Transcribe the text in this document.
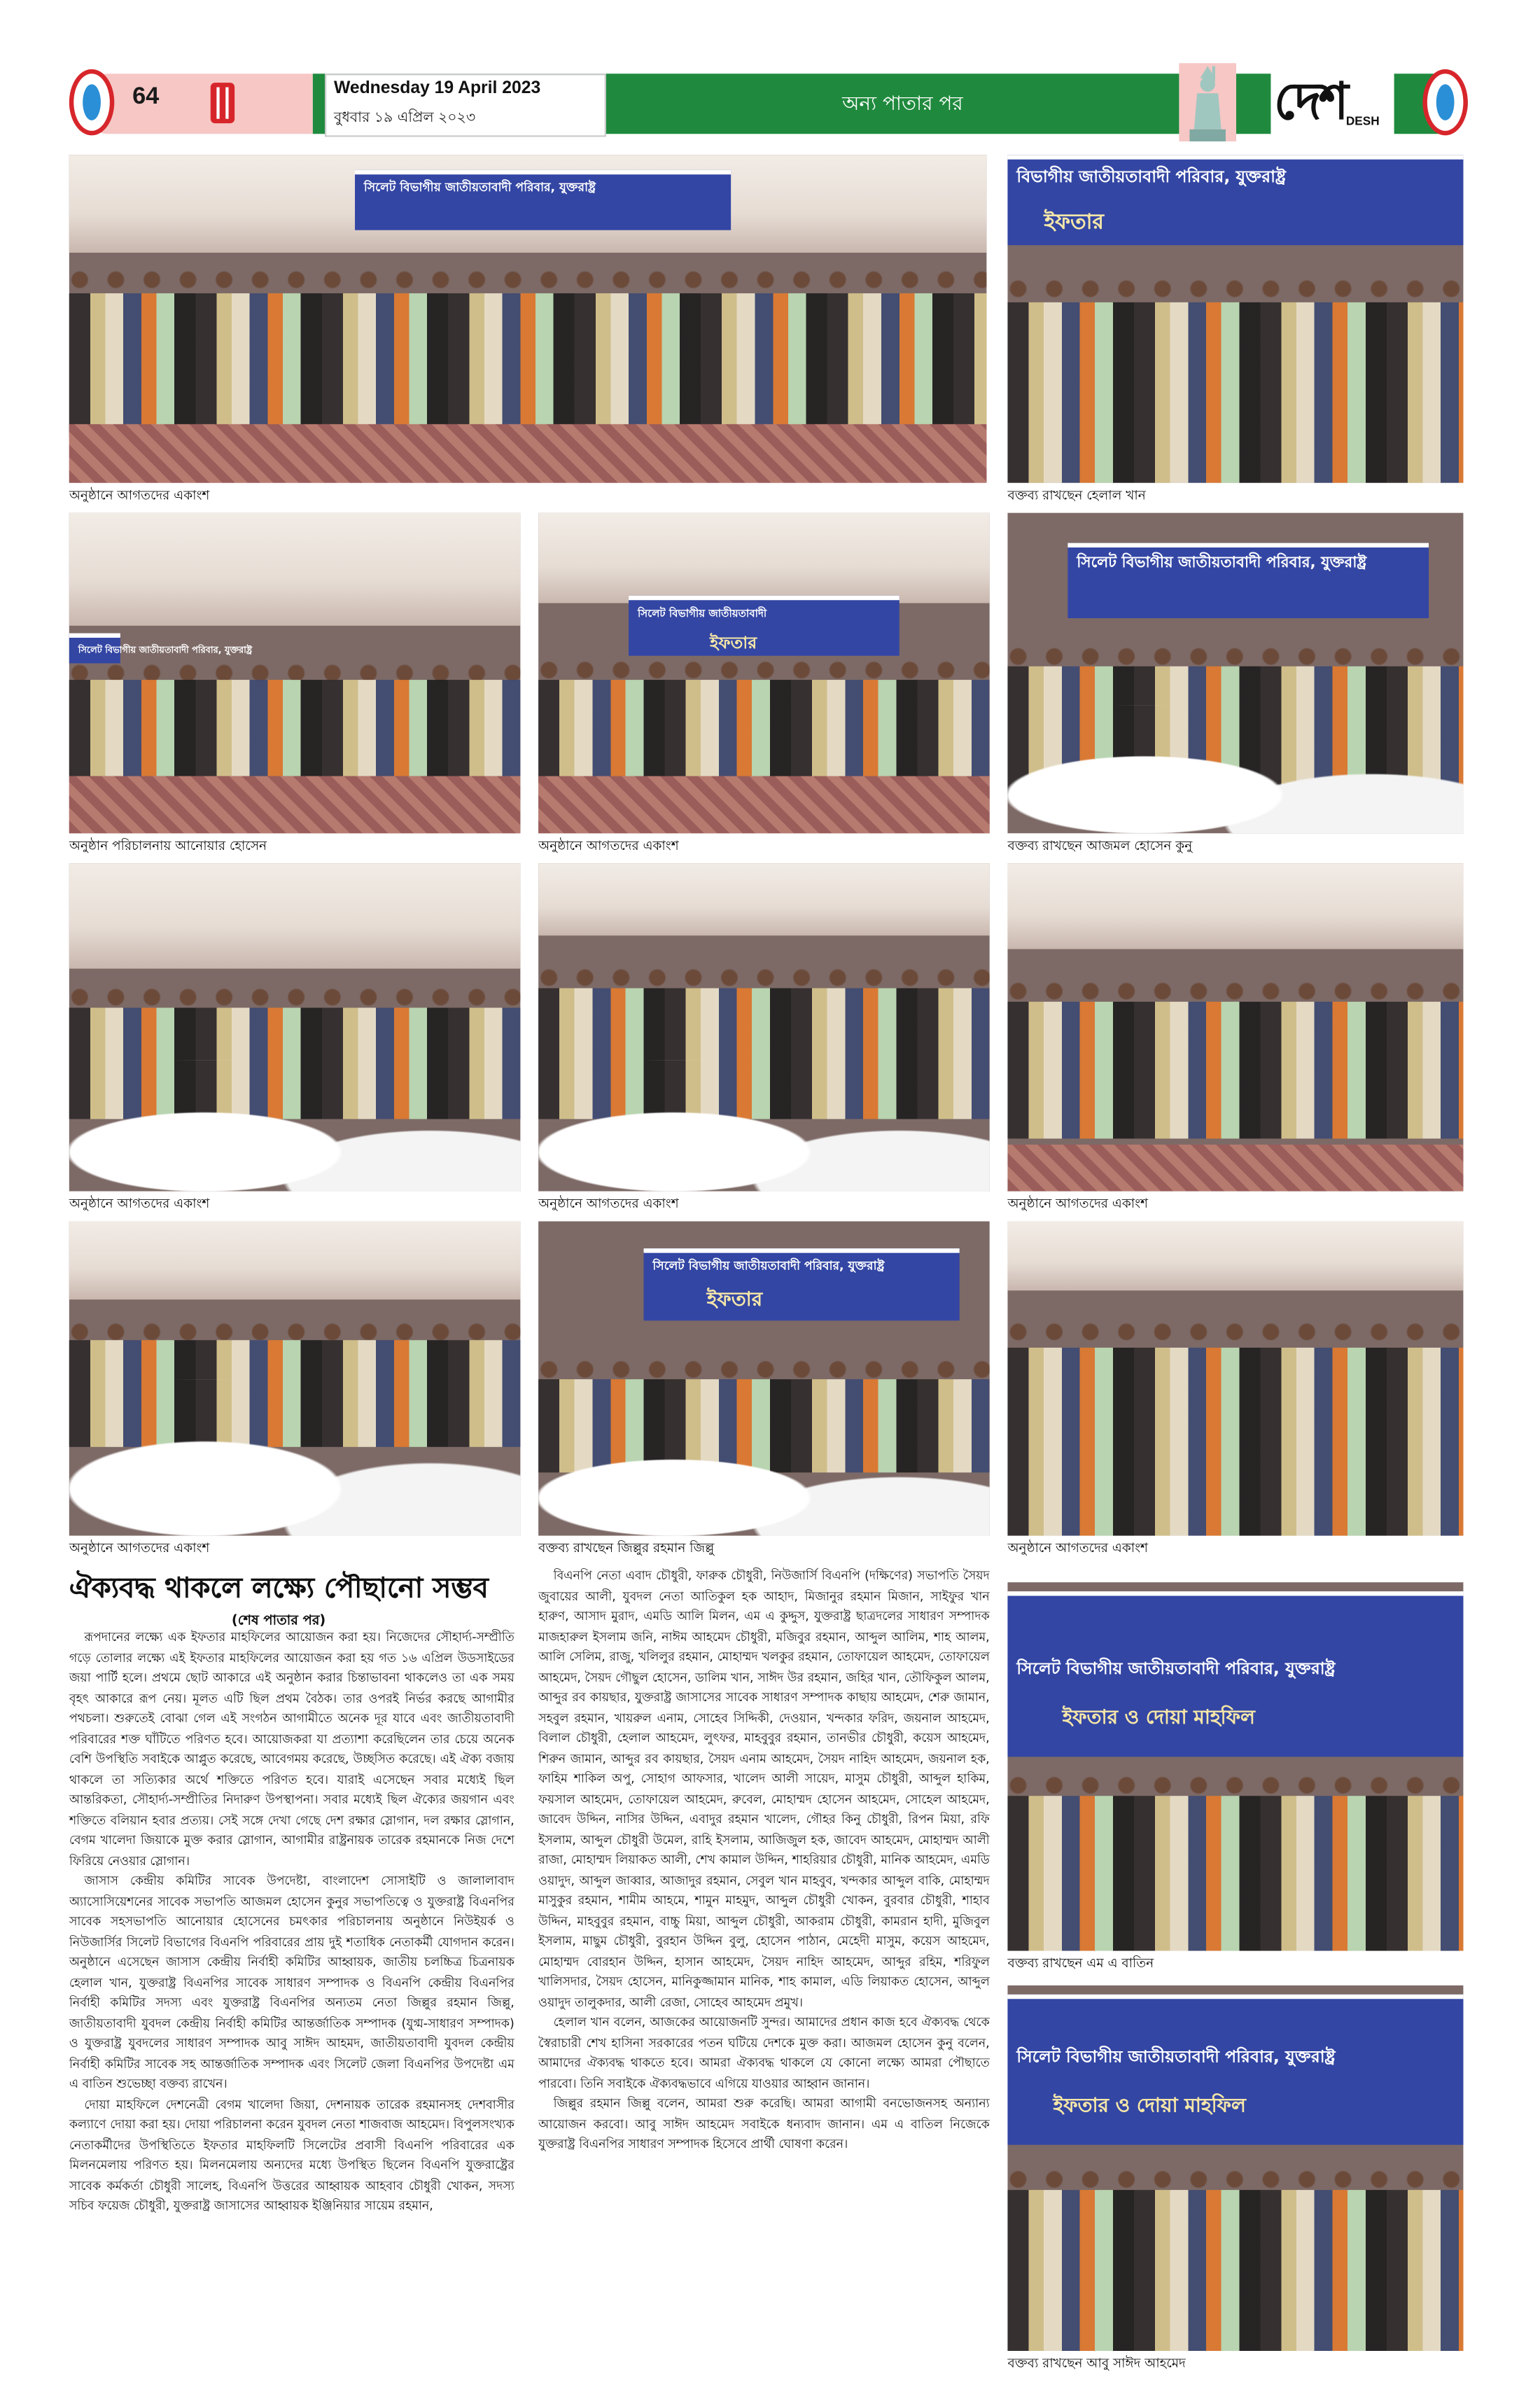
64	Wednesday 19 April 2023
বুধবার ১৯ এপ্রিল ২০২৩
অন্য পাতার পর	দেশ DESH
সিলেট বিভাগীয় জাতীয়তাবাদী পরিবার, যুক্তরাষ্ট্র
অনুষ্ঠানে আগতদের একাংশ
বিভাগীয় জাতীয়তাবাদী পরিবার, যুক্তরাষ্ট্র
ইফতার
বক্তব্য রাখছেন হেলাল খান
সিলেট বিভাগীয় জাতীয়তাবাদী পরিবার, যুক্তরাষ্ট্র
অনুষ্ঠান পরিচালনায় আনোয়ার হোসেন
সিলেট বিভাগীয় জাতীয়তাবাদী
ইফতার
অনুষ্ঠানে আগতদের একাংশ
সিলেট বিভাগীয় জাতীয়তাবাদী পরিবার, যুক্তরাষ্ট্র
বক্তব্য রাখছেন আজমল হোসেন কুনু
অনুষ্ঠানে আগতদের একাংশ	অনুষ্ঠানে আগতদের একাংশ	অনুষ্ঠানে আগতদের একাংশ
অনুষ্ঠানে আগতদের একাংশ
সিলেট বিভাগীয় জাতীয়তাবাদী পরিবার, যুক্তরাষ্ট্র
ইফতার
বক্তব্য রাখছেন জিল্লুর রহমান জিল্লু	অনুষ্ঠানে আগতদের একাংশ
ঐক্যবদ্ধ থাকলে লক্ষ্যে পৌছানো সম্ভব
(শেষ পাতার পর)

রূপদানের লক্ষ্যে এক ইফতার মাহফিলের আয়োজন করা হয়। নিজেদের সৌহার্দ্য-সম্প্রীতি গড়ে তোলার লক্ষ্যে এই ইফতার মাহফিলের আয়োজন করা হয় গত ১৬ এপ্রিল উডসাইডের জয়া পার্টি হলে। প্রথমে ছোট আকারে এই অনুষ্ঠান করার চিন্তাভাবনা থাকলেও তা এক সময় বৃহৎ আকারে রূপ নেয়। মূলত এটি ছিল প্রথম বৈঠক। তার ওপরই নির্ভর করছে আগামীর পথচলা। শুরুতেই বোঝা গেল এই সংগঠন আগামীতে অনেক দূর যাবে এবং জাতীয়তাবাদী পরিবারের শক্ত ঘাঁটিতে পরিণত হবে। আয়োজকরা যা প্রত্যাশা করেছিলেন তার চেয়ে অনেক বেশি উপস্থিতি সবাইকে আপ্লুত করেছে, আবেগময় করেছে, উচ্ছসিত করেছে। এই ঐক্য বজায় থাকলে তা সত্যিকার অর্থে শক্তিতে পরিণত হবে। যারাই এসেছেন সবার মধ্যেই ছিল আন্তরিকতা, সৌহার্দ্য-সম্প্রীতির নিদারুণ উপস্থাপনা। সবার মধ্যেই ছিল ঐক্যের জয়গান এবং শক্তিতে বলিয়ান হবার প্রত্যয়। সেই সঙ্গে দেখা গেছে দেশ রক্ষার স্লোগান, দল রক্ষার স্লোগান, বেগম খালেদা জিয়াকে মুক্ত করার স্লোগান, আগামীর রাষ্ট্রনায়ক তারেক রহমানকে নিজ দেশে ফিরিয়ে নেওয়ার স্লোগান।

জাসাস কেন্দ্রীয় কমিটির সাবেক উপদেষ্টা, বাংলাদেশ সোসাইটি ও জালালাবাদ অ্যাসোসিয়েশনের সাবেক সভাপতি আজমল হোসেন কুনুর সভাপতিত্বে ও যুক্তরাষ্ট্র বিএনপির সাবেক সহসভাপতি আনোয়ার হোসেনের চমৎকার পরিচালনায় অনুষ্ঠানে নিউইয়র্ক ও নিউজার্সির সিলেট বিভাগের বিএনপি পরিবারের প্রায় দুই শতাধিক নেতাকর্মী যোগদান করেন। অনুষ্ঠানে এসেছেন জাসাস কেন্দ্রীয় নির্বাহী কমিটির আহ্বায়ক, জাতীয় চলচ্চিত্র চিত্রনায়ক হেলাল খান, যুক্তরাষ্ট্র বিএনপির সাবেক সাধারণ সম্পাদক ও বিএনপি কেন্দ্রীয় বিএনপির নির্বাহী কমিটির সদস্য এবং যুক্তরাষ্ট্র বিএনপির অন্যতম নেতা জিল্লুর রহমান জিল্লু, জাতীয়তাবাদী যুবদল কেন্দ্রীয় নির্বাহী কমিটির আন্তর্জাতিক সম্পাদক (যুগ্ম-সাধারণ সম্পাদক) ও যুক্তরাষ্ট্র যুবদলের সাধারণ সম্পাদক আবু সাঈদ আহমদ, জাতীয়তাবাদী যুবদল কেন্দ্রীয় নির্বাহী কমিটির সাবেক সহ আন্তর্জাতিক সম্পাদক এবং সিলেট জেলা বিএনপির উপদেষ্টা এম এ বাতিন শুভেচ্ছা বক্তব্য রাখেন।

দোয়া মাহফিলে দেশনেত্রী বেগম খালেদা জিয়া, দেশনায়ক তারেক রহমানসহ দেশবাসীর কল্যাণে দোয়া করা হয়। দোয়া পরিচালনা করেন যুবদল নেতা শাজবাজ আহমেদ। বিপুলসংখ্যক নেতাকর্মীদের উপস্থিতিতে ইফতার মাহফিলটি সিলেটের প্রবাসী বিএনপি পরিবারের এক মিলনমেলায় পরিণত হয়। মিলনমেলায় অন্যদের মধ্যে উপস্থিত ছিলেন বিএনপি যুক্তরাষ্ট্রের সাবেক কর্মকর্তা চৌধুরী সালেহ, বিএনপি উত্তরের আহ্বায়ক আহবাব চৌধুরী খোকন, সদস্য সচিব ফয়েজ চৌধুরী, যুক্তরাষ্ট্র জাসাসের আহ্বায়ক ইঞ্জিনিয়ার সায়েম রহমান,

বিএনপি নেতা এবাদ চৌধুরী, ফারুক চৌধুরী, নিউজার্সি বিএনপি (দক্ষিণের) সভাপতি সৈয়দ জুবায়ের আলী, যুবদল নেতা আতিকুল হক আহাদ, মিজানুর রহমান মিজান, সাইফুর খান হারুণ, আসাদ মুরাদ, এমডি আলি মিলন, এম এ কুদ্দুস, যুক্তরাষ্ট্র ছাত্রদলের সাধারণ সম্পাদক মাজহারুল ইসলাম জনি, নাঈম আহমেদ চৌধুরী, মজিবুর রহমান, আব্দুল আলিম, শাহ আলম, আলি সেলিম, রাজু, খলিলুর রহমান, মোহাম্মদ খলকুর রহমান, তোফায়েল আহমেদ, তোফায়েল আহমেদ, সৈয়দ গৌছুল হোসেন, ডালিম খান, সাঈদ উর রহমান, জহির খান, তৌফিকুল আলম, আব্দুর রব কায়ছার, যুক্তরাষ্ট্র জাসাসের সাবেক সাধারণ সম্পাদক কাছায় আহমেদ, শেরু জামান, সহবুল রহমান, খায়রুল এনাম, সোহেব সিদ্দিকী, দেওয়ান, খন্দকার ফরিদ, জয়নাল আহমেদ, বিলাল চৌধুরী, হেলাল আহমেদ, লুৎফর, মাহবুবুর রহমান, তানভীর চৌধুরী, কয়েস আহমেদ, শিরুন জামান, আব্দুর রব কায়ছার, সৈয়দ এনাম আহমেদ, সৈয়দ নাহিদ আহমেদ, জয়নাল হক, ফাহিম শাকিল অপু, সোহাগ আফসার, খালেদ আলী সায়েদ, মাসুম চৌধুরী, আব্দুল হাকিম, ফয়সাল আহমেদ, তোফায়েল আহমেদ, রুবেল, মোহাম্মদ হোসেন আহমেদ, সোহেল আহমেদ, জাবেদ উদ্দিন, নাসির উদ্দিন, এবাদুর রহমান খালেদ, গৌহর কিনু চৌধুরী, রিপন মিয়া, রফি ইসলাম, আব্দুল চৌধুরী উমেল, রাহি ইসলাম, আজিজুল হক, জাবেদ আহমেদ, মোহাম্মদ আলী রাজা, মোহাম্মদ লিয়াকত আলী, শেখ কামাল উদ্দিন, শাহরিয়ার চৌধুরী, মানিক আহমেদ, এমডি ওয়াদুদ, আব্দুল জাব্বার, আজাদুর রহমান, সেবুল খান মাহবুব, খন্দকার আব্দুল বাকি, মোহাম্মদ মাসুকুর রহমান, শামীম আহমে, শামুন মাহমুদ, আব্দুল চৌধুরী খোকন, বুরবার চৌধুরী, শাহাব উদ্দিন, মাহবুবুর রহমান, বাচ্চু মিয়া, আব্দুল চৌধুরী, আকরাম চৌধুরী, কামরান হাদী, মুজিবুল ইসলাম, মাছুম চৌধুরী, বুরহান উদ্দিন বুলু, হোসেন পাঠান, মেহেদী মাসুম, কয়েস আহমেদ, মোহাম্মদ বোরহান উদ্দিন, হাসান আহমেদ, সৈয়দ নাহিদ আহমেদ, আব্দুর রহিম, শরিফুল খালিসদার, সৈয়দ হোসেন, মানিকুজ্জামান মানিক, শাহ কামাল, এডি লিয়াকত হোসেন, আব্দুল ওয়াদুদ তালুকদার, আলী রেজা, সোহেব আহমেদ প্রমুখ।

হেলাল খান বলেন, আজকের আয়োজনটি সুন্দর। আমাদের প্রধান কাজ হবে ঐক্যবদ্ধ থেকে স্বৈরাচারী শেখ হাসিনা সরকারের পতন ঘটিয়ে দেশকে মুক্ত করা। আজমল হোসেন কুনু বলেন, আমাদের ঐক্যবদ্ধ থাকতে হবে। আমরা ঐক্যবদ্ধ থাকলে যে কোনো লক্ষ্যে আমরা পৌছাতে পারবো। তিনি সবাইকে ঐক্যবদ্ধভাবে এগিয়ে যাওয়ার আহ্বান জানান।

জিল্লুর রহমান জিল্লু বলেন, আমরা শুরু করেছি। আমরা আগামী বনভোজনসহ অন্যান্য আয়োজন করবো। আবু সাঈদ আহমেদ সবাইকে ধন্যবাদ জানান। এম এ বাতিল নিজেকে যুক্তরাষ্ট্র বিএনপির সাধারণ সম্পাদক হিসেবে প্রার্থী ঘোষণা করেন।

সিলেট বিভাগীয় জাতীয়তাবাদী পরিবার, যুক্তরাষ্ট্র
ইফতার ও দোয়া মাহফিল
বক্তব্য রাখছেন এম এ বাতিন
সিলেট বিভাগীয় জাতীয়তাবাদী পরিবার, যুক্তরাষ্ট্র
ইফতার ও দোয়া মাহফিল
বক্তব্য রাখছেন আবু সাঈদ আহমেদ
